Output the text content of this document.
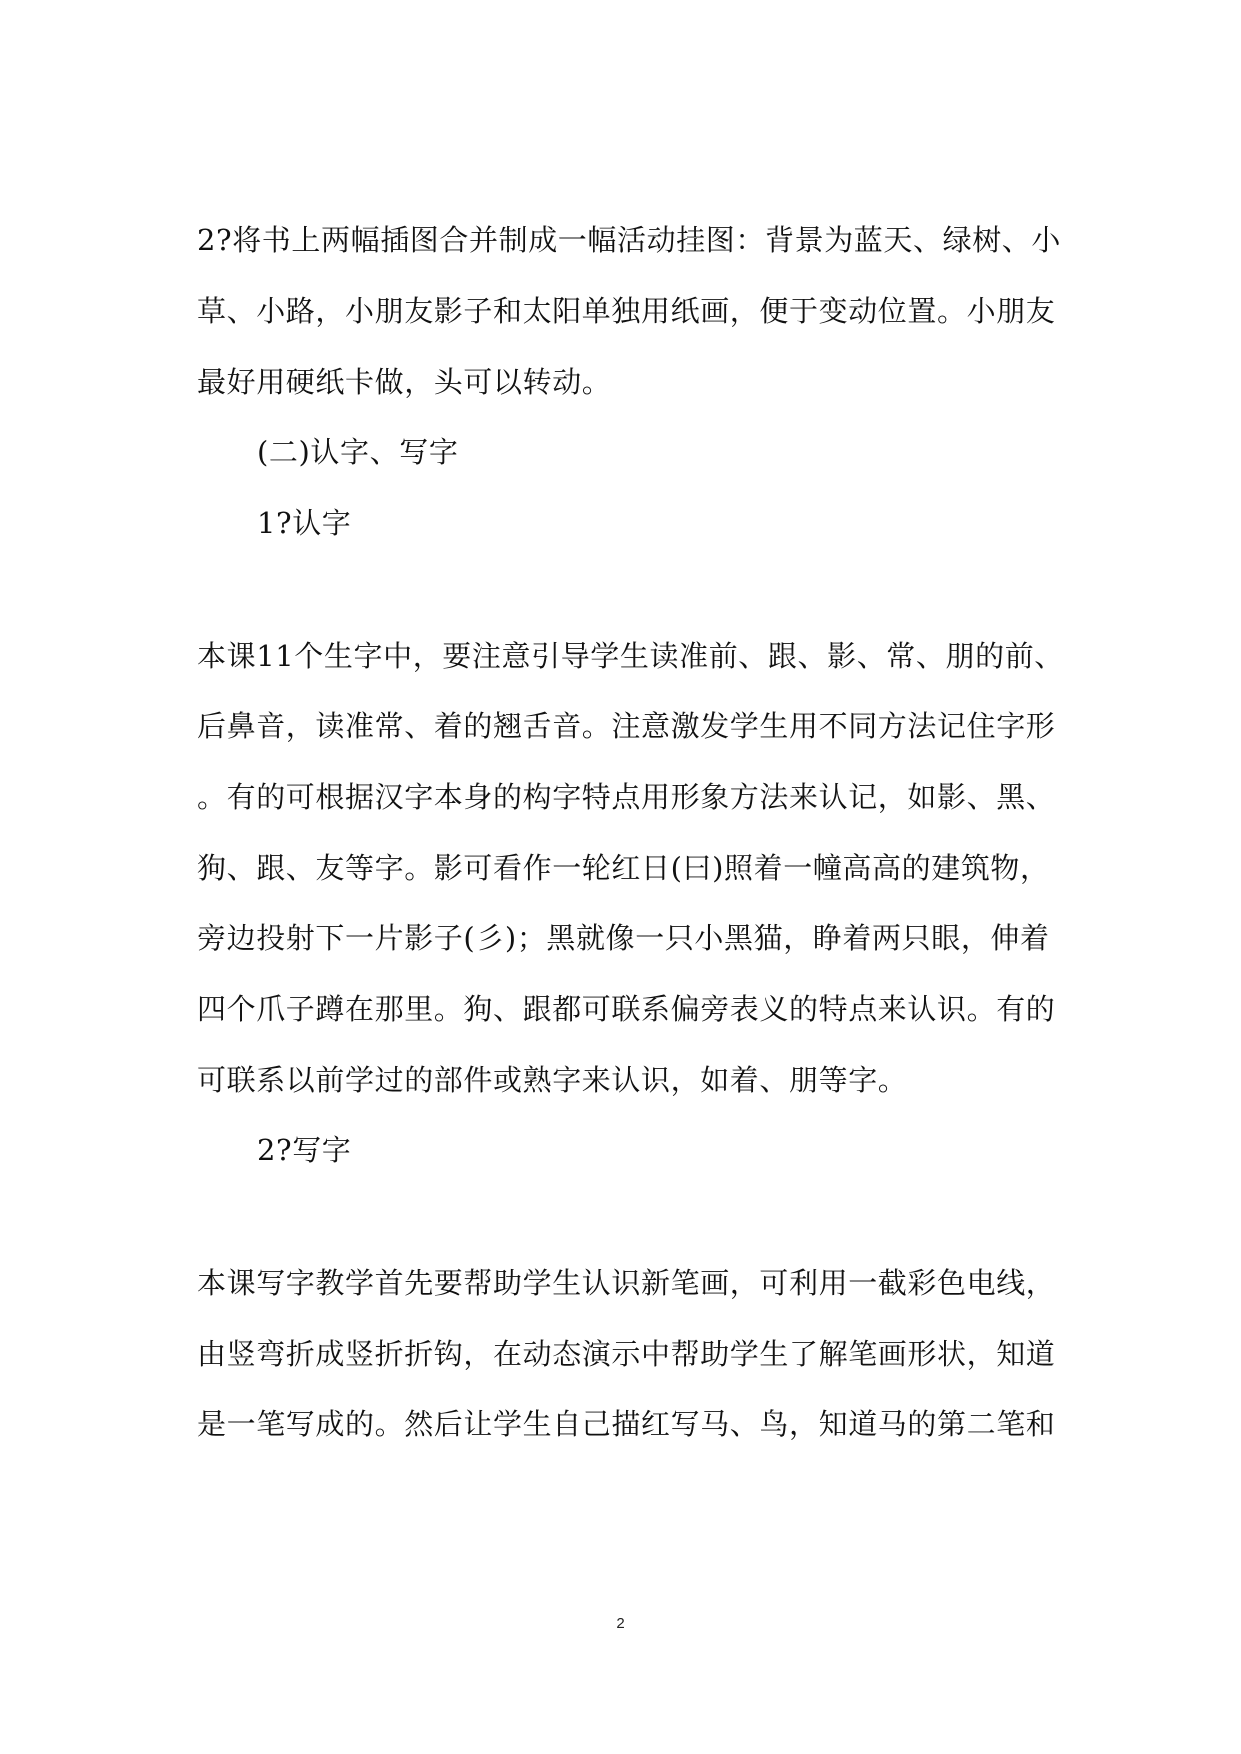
2?将书上两幅插图合并制成一幅活动挂图：背景为蓝天、绿树、小
草、小路，小朋友影子和太阳单独用纸画，便于变动位置。小朋友
最好用硬纸卡做，头可以转动。
(二)认字、写字
1?认字
本课11个生字中，要注意引导学生读准前、跟、影、常、朋的前、
后鼻音，读准常、着的翘舌音。注意激发学生用不同方法记住字形
。有的可根据汉字本身的构字特点用形象方法来认记，如影、黑、
狗、跟、友等字。影可看作一轮红日(曰)照着一幢高高的建筑物，
旁边投射下一片影子(彡)；黑就像一只小黑猫，睁着两只眼，伸着
四个爪子蹲在那里。狗、跟都可联系偏旁表义的特点来认识。有的
可联系以前学过的部件或熟字来认识，如着、朋等字。
2?写字
本课写字教学首先要帮助学生认识新笔画，可利用一截彩色电线，
由竖弯折成竖折折钩，在动态演示中帮助学生了解笔画形状，知道
是一笔写成的。然后让学生自己描红写马、鸟，知道马的第二笔和
2
